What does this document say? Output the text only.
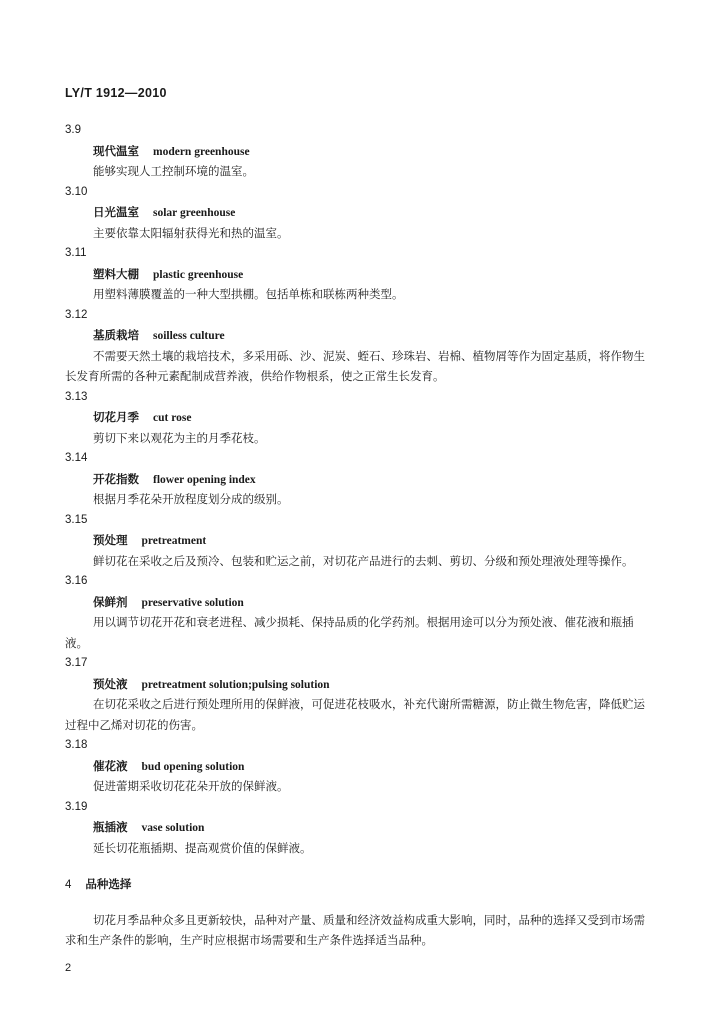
LY/T 1912—2010
3.9
现代温室 modern greenhouse

能够实现人工控制环境的温室。

3.10
日光温室 solar greenhouse

主要依靠太阳辐射获得光和热的温室。

3.11
塑料大棚 plastic greenhouse

用塑料薄膜覆盖的一种大型拱棚。包括单栋和联栋两种类型。

3.12
基质栽培 soilless culture

不需要天然土壤的栽培技术，多采用砾、沙、泥炭、蛭石、珍珠岩、岩棉、植物屑等作为固定基质，将作物生长发育所需的各种元素配制成营养液，供给作物根系，使之正常生长发育。

3.13
切花月季 cut rose

剪切下来以观花为主的月季花枝。

3.14
开花指数 flower opening index

根据月季花朵开放程度划分成的级别。

3.15
预处理 pretreatment

鲜切花在采收之后及预冷、包装和贮运之前，对切花产品进行的去刺、剪切、分级和预处理液处理等操作。

3.16
保鲜剂 preservative solution

用以调节切花开花和衰老进程、减少损耗、保持品质的化学药剂。根据用途可以分为预处液、催花液和瓶插液。

3.17
预处液 pretreatment solution;pulsing solution

在切花采收之后进行预处理所用的保鲜液，可促进花枝吸水，补充代谢所需糖源，防止微生物危害，降低贮运过程中乙烯对切花的伤害。

3.18
催花液 bud opening solution

促进蕾期采收切花花朵开放的保鲜液。

3.19
瓶插液 vase solution

延长切花瓶插期、提高观赏价值的保鲜液。

4 品种选择

切花月季品种众多且更新较快，品种对产量、质量和经济效益构成重大影响，同时，品种的选择又受到市场需求和生产条件的影响，生产时应根据市场需要和生产条件选择适当品种。

2
